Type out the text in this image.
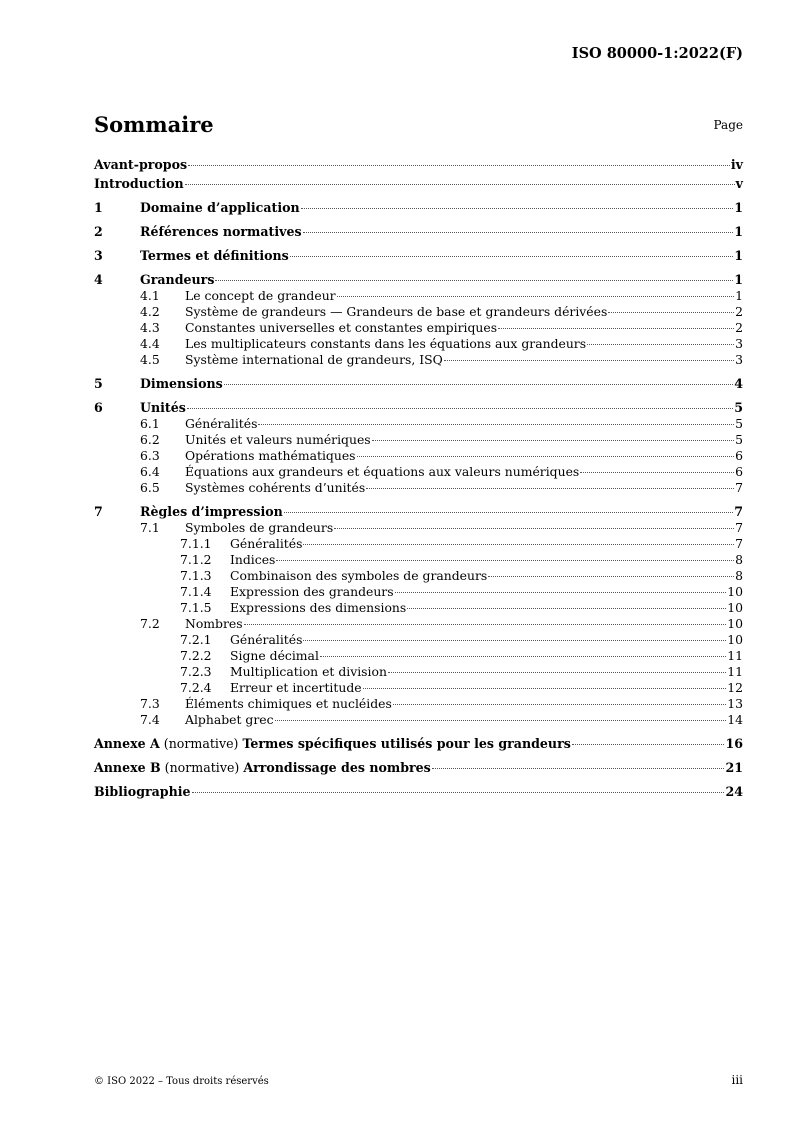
ISO 80000-1:2022(F)
Sommaire	Page
Avant-propos	iv
Introduction	v
1	Domaine d’application	1
2	Références normatives	1
3	Termes et définitions	1
4	Grandeurs	1
4.1	Le concept de grandeur	1
4.2	Système de grandeurs — Grandeurs de base et grandeurs dérivées	2
4.3	Constantes universelles et constantes empiriques	2
4.4	Les multiplicateurs constants dans les équations aux grandeurs	3
4.5	Système international de grandeurs, ISQ	3
5	Dimensions	4
6	Unités	5
6.1	Généralités	5
6.2	Unités et valeurs numériques	5
6.3	Opérations mathématiques	6
6.4	Équations aux grandeurs et équations aux valeurs numériques	6
6.5	Systèmes cohérents d’unités	7
7	Règles d’impression	7
7.1	Symboles de grandeurs	7
7.1.1	Généralités	7
7.1.2	Indices	8
7.1.3	Combinaison des symboles de grandeurs	8
7.1.4	Expression des grandeurs	10
7.1.5	Expressions des dimensions	10
7.2	Nombres	10
7.2.1	Généralités	10
7.2.2	Signe décimal	11
7.2.3	Multiplication et division	11
7.2.4	Erreur et incertitude	12
7.3	Éléments chimiques et nucléides	13
7.4	Alphabet grec	14
Annexe A (normative) Termes spécifiques utilisés pour les grandeurs	16
Annexe B (normative) Arrondissage des nombres	21
Bibliographie	24
© ISO 2022 – Tous droits réservés	iii
